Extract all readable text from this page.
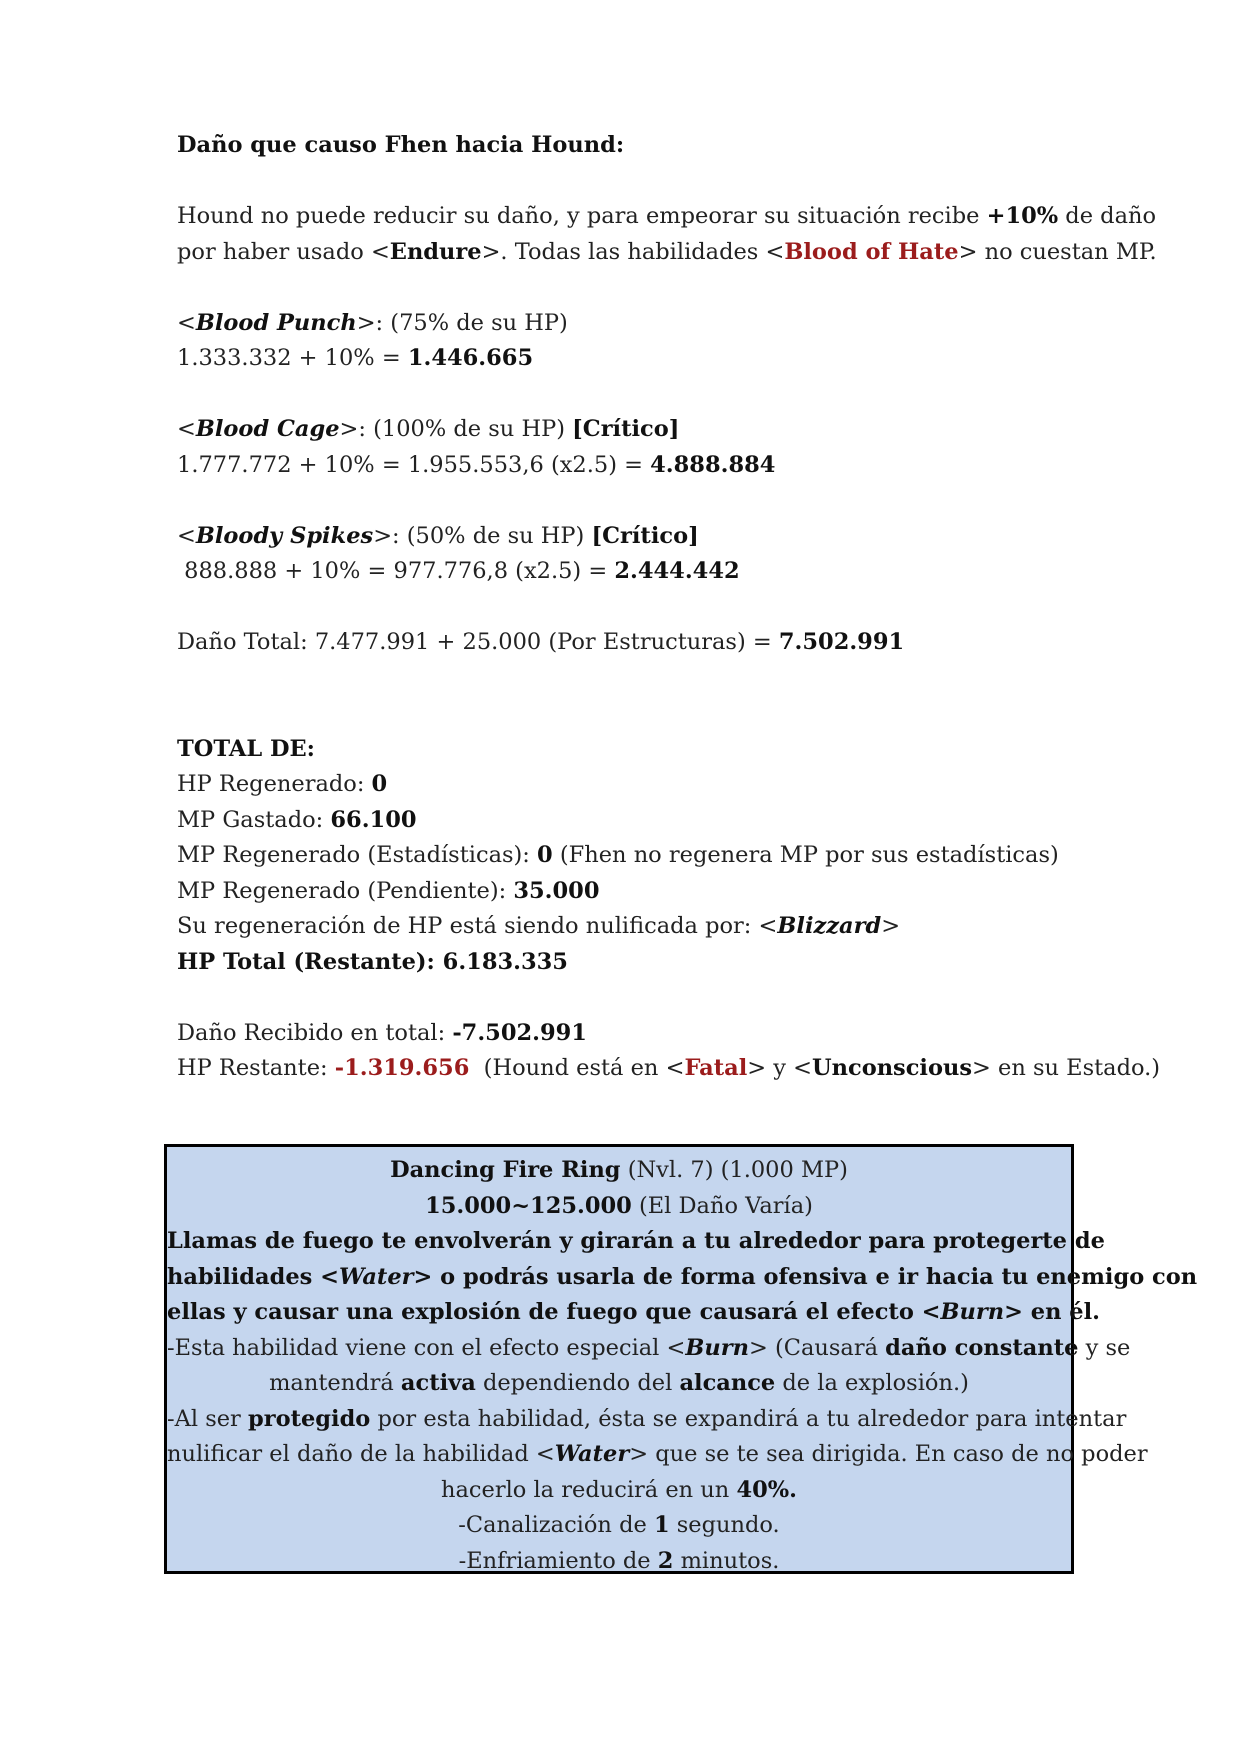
Daño que causo Fhen hacia Hound:
Hound no puede reducir su daño, y para empeorar su situación recibe +10% de daño
por haber usado <Endure>. Todas las habilidades <Blood of Hate> no cuestan MP.
<Blood Punch>: (75% de su HP)
1.333.332 + 10% = 1.446.665
<Blood Cage>: (100% de su HP) [Crítico]
1.777.772 + 10% = 1.955.553,6 (x2.5) = 4.888.884
<Bloody Spikes>: (50% de su HP) [Crítico]
888.888 + 10% = 977.776,8 (x2.5) = 2.444.442
Daño Total: 7.477.991 + 25.000 (Por Estructuras) = 7.502.991
TOTAL DE:
HP Regenerado: 0
MP Gastado: 66.100
MP Regenerado (Estadísticas): 0 (Fhen no regenera MP por sus estadísticas)
MP Regenerado (Pendiente): 35.000
Su regeneración de HP está siendo nulificada por: <Blizzard>
HP Total (Restante): 6.183.335
Daño Recibido en total: -7.502.991
HP Restante: -1.319.656  (Hound está en <Fatal> y <Unconscious> en su Estado.)
Dancing Fire Ring (Nvl. 7) (1.000 MP)
15.000~125.000 (El Daño Varía)
Llamas de fuego te envolverán y girarán a tu alrededor para protegerte de
habilidades <Water> o podrás usarla de forma ofensiva e ir hacia tu enemigo con
ellas y causar una explosión de fuego que causará el efecto <Burn> en él.
-Esta habilidad viene con el efecto especial <Burn> (Causará daño constante y se
mantendrá activa dependiendo del alcance de la explosión.)
-Al ser protegido por esta habilidad, ésta se expandirá a tu alrededor para intentar
nulificar el daño de la habilidad <Water> que se te sea dirigida. En caso de no poder
hacerlo la reducirá en un 40%.
-Canalización de 1 segundo.
-Enfriamiento de 2 minutos.
